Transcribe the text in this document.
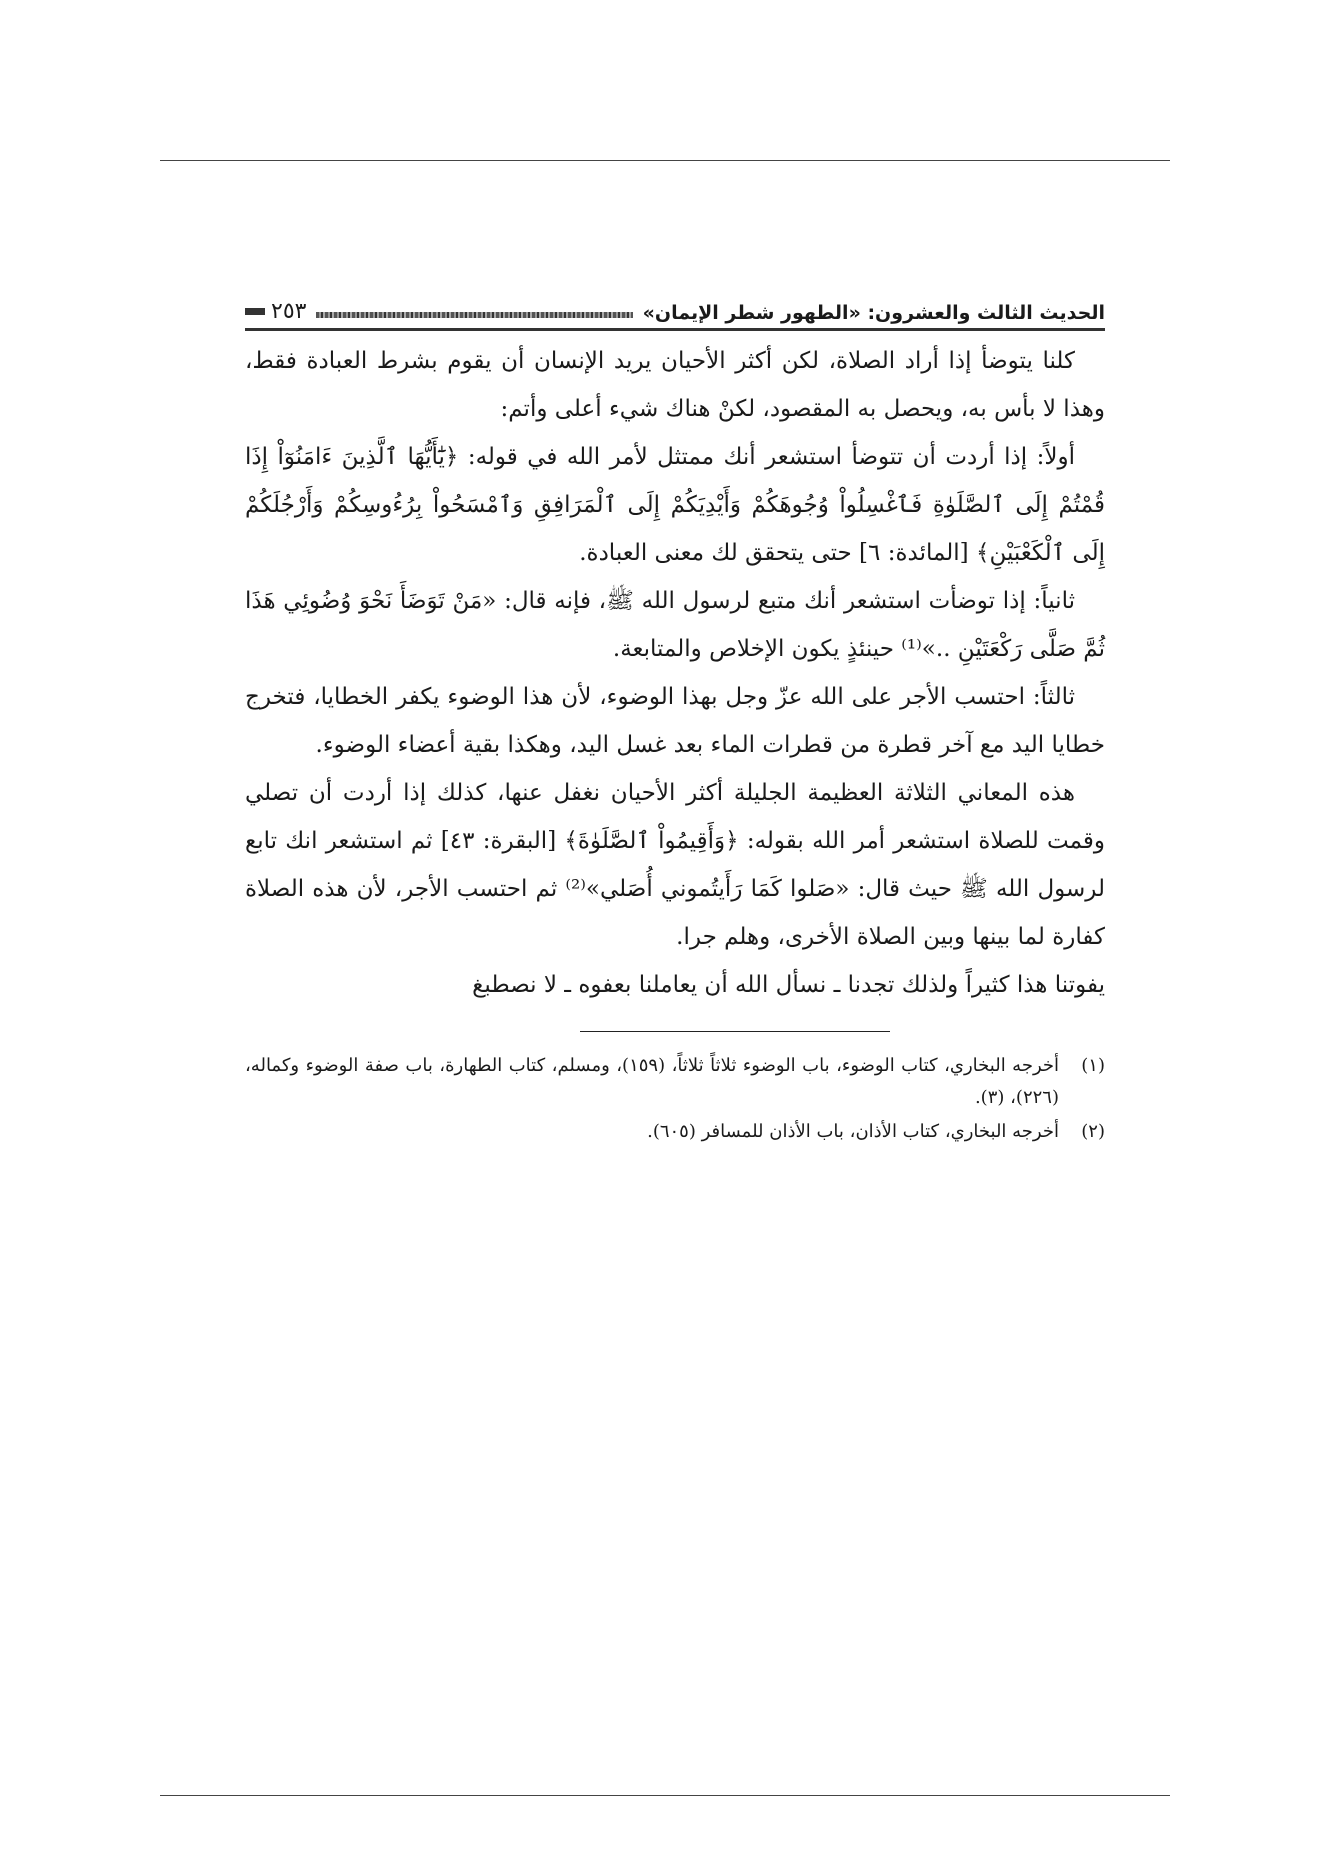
الحديث الثالث والعشرون: «الطهور شطر الإيمان»
٢٥٣

كلنا يتوضأ إذا أراد الصلاة، لكن أكثر الأحيان يريد الإنسان أن يقوم بشرط العبادة فقط، وهذا لا بأس به، ويحصل به المقصود، لكنْ هناك شيء أعلى وأتم:

أولاً: إذا أردت أن تتوضأ استشعر أنك ممتثل لأمر الله في قوله: ﴿يَٰٓأَيُّهَا ٱلَّذِينَ ءَامَنُوٓاْ إِذَا قُمْتُمْ إِلَى ٱلصَّلَوٰةِ فَٱغْسِلُواْ وُجُوهَكُمْ وَأَيْدِيَكُمْ إِلَى ٱلْمَرَافِقِ وَٱمْسَحُواْ بِرُءُوسِكُمْ وَأَرْجُلَكُمْ إِلَى ٱلْكَعْبَيْنِ﴾ [المائدة: ٦] حتى يتحقق لك معنى العبادة.

ثانياً: إذا توضأت استشعر أنك متبع لرسول الله ﷺ، فإنه قال: «مَنْ تَوَضَأَ نَحْوَ وُضُوئِي هَذَا ثُمَّ صَلَّى رَكْعَتَيْنِ ..»⁽¹⁾ حينئذٍ يكون الإخلاص والمتابعة.

ثالثاً: احتسب الأجر على الله عزّ وجل بهذا الوضوء، لأن هذا الوضوء يكفر الخطايا، فتخرج خطايا اليد مع آخر قطرة من قطرات الماء بعد غسل اليد، وهكذا بقية أعضاء الوضوء.

هذه المعاني الثلاثة العظيمة الجليلة أكثر الأحيان نغفل عنها، كذلك إذا أردت أن تصلي وقمت للصلاة استشعر أمر الله بقوله: ﴿وَأَقِيمُواْ ٱلصَّلَوٰةَ﴾ [البقرة: ٤٣] ثم استشعر انك تابع لرسول الله ﷺ حيث قال: «صَلوا كَمَا رَأَيتُموني أُصَلي»⁽²⁾ ثم احتسب الأجر، لأن هذه الصلاة كفارة لما بينها وبين الصلاة الأخرى، وهلم جرا.

يفوتنا هذا كثيراً ولذلك تجدنا ـ نسأل الله أن يعاملنا بعفوه ـ لا نصطبغ

(١)
أخرجه البخاري، كتاب الوضوء، باب الوضوء ثلاثاً ثلاثاً، (١٥٩)، ومسلم، كتاب الطهارة، باب صفة الوضوء وكماله، (٢٢٦)، (٣).
(٢)
أخرجه البخاري، كتاب الأذان، باب الأذان للمسافر (٦٠٥).
